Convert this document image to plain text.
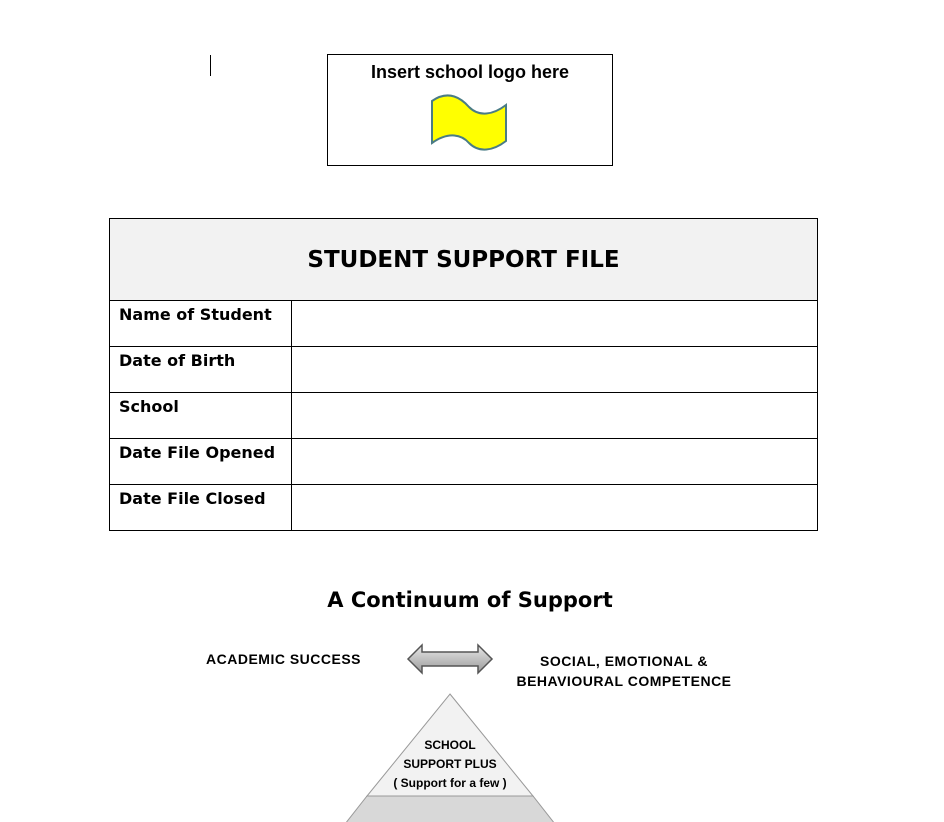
Insert school logo here
STUDENT SUPPORT FILE	
Name of Student	
Date of Birth	
School	
Date File Opened	
Date File Closed	
A Continuum of Support
ACADEMIC SUCCESS	SOCIAL, EMOTIONAL &
BEHAVIOURAL COMPETENCE
SCHOOL
SUPPORT PLUS
( Support for a few )
